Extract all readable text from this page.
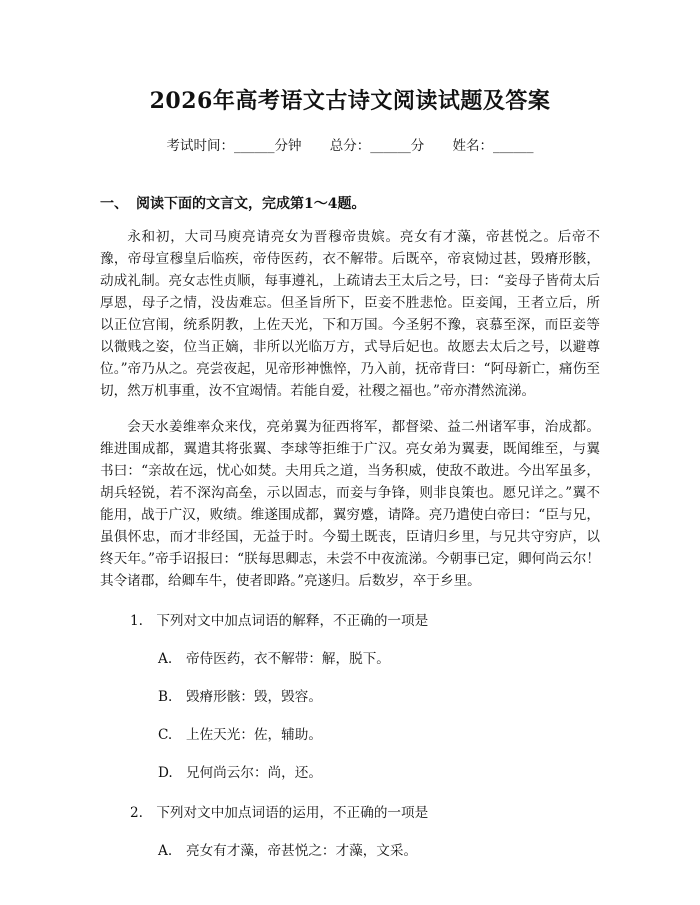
2026年高考语文古诗文阅读试题及答案
考试时间：______分钟 总分：______分 姓名：______
一、 阅读下面的文言文，完成第1～4题。

永和初，大司马庾亮请亮女为晋穆帝贵嫔。亮女有才藻，帝甚悦之。后帝不豫，帝母宣穆皇后临疾，帝侍医药，衣不解带。后既卒，帝哀恸过甚，毁瘠形骸，动成礼制。亮女志性贞顺，每事遵礼，上疏请去王太后之号，曰：“妾母子皆荷太后厚恩，母子之情，没齿难忘。但圣旨所下，臣妾不胜悲怆。臣妾闻，王者立后，所以正位宫闱，统系阴教，上佐天光，下和万国。今圣躬不豫，哀慕至深，而臣妾等以微贱之姿，位当正嫡，非所以光临万方，式导后妃也。故愿去太后之号，以避尊位。”帝乃从之。亮尝夜起，见帝形神憔悴，乃入前，抚帝背曰：“阿母新亡，痛伤至切，然万机事重，汝不宜竭情。若能自爱，社稷之福也。”帝亦潸然流涕。

会天水姜维率众来伐，亮弟翼为征西将军，都督梁、益二州诸军事，治成都。维进围成都，翼遣其将张翼、李球等拒维于广汉。亮女弟为翼妻，既闻维至，与翼书曰：“亲故在远，忧心如焚。夫用兵之道，当务积威，使敌不敢进。今出军虽多，胡兵轻锐，若不深沟高垒，示以固志，而妾与争锋，则非良策也。愿兄详之。”翼不能用，战于广汉，败绩。维遂围成都，翼穷蹙，请降。亮乃遣使白帝曰：“臣与兄，虽俱怀忠，而才非经国，无益于时。今蜀土既丧，臣请归乡里，与兄共守穷庐，以终天年。”帝手诏报曰：“朕每思卿志，未尝不中夜流涕。今朝事已定，卿何尚云尔！其令诸郡，给卿车牛，使者即路。”亮遂归。后数岁，卒于乡里。

1. 下列对文中加点词语的解释，不正确的一项是
A. 帝侍医药，衣不解带：解，脱下。
B. 毁瘠形骸：毁，毁容。
C. 上佐天光：佐，辅助。
D. 兄何尚云尔：尚，还。
2. 下列对文中加点词语的运用，不正确的一项是
A. 亮女有才藻，帝甚悦之：才藻，文采。
